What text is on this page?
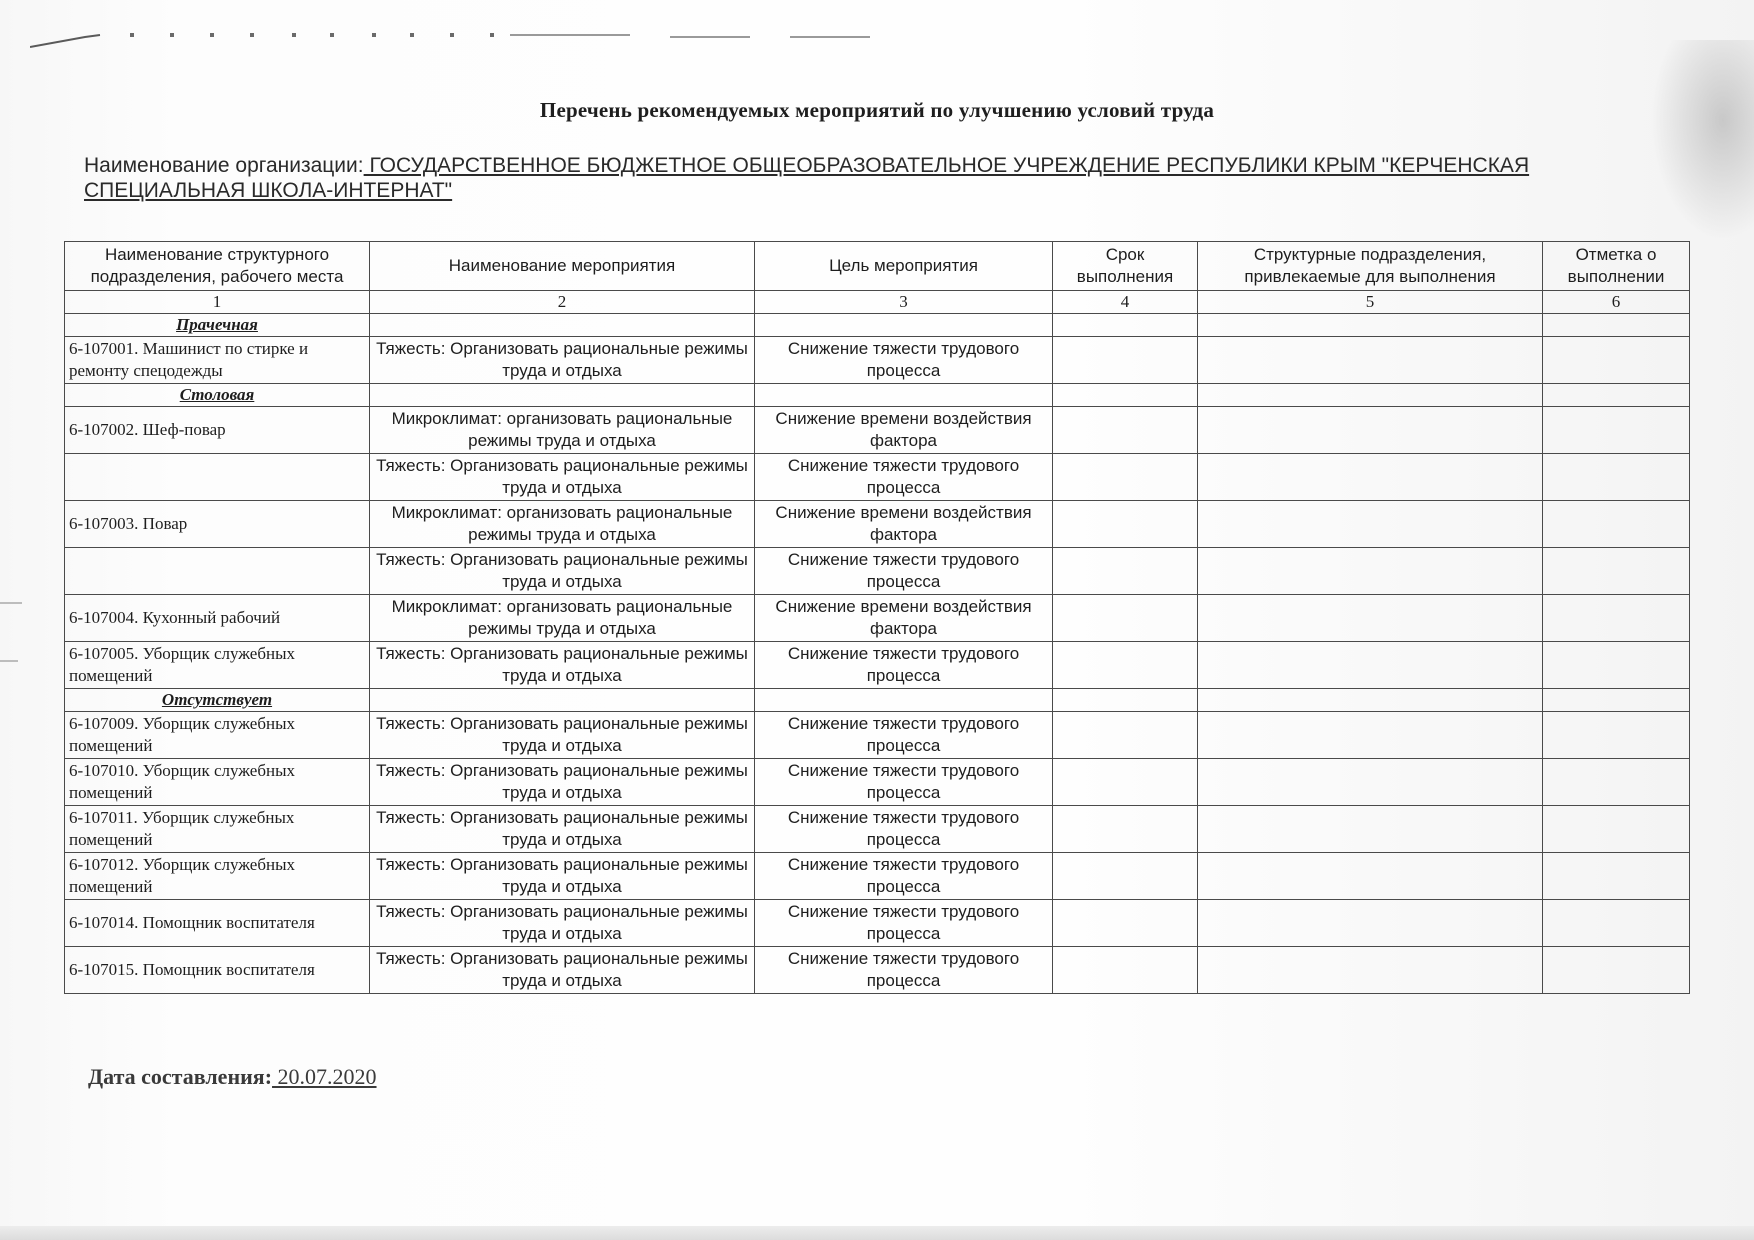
Перечень рекомендуемых мероприятий по улучшению условий труда
Наименование организации: ГОСУДАРСТВЕННОЕ БЮДЖЕТНОЕ ОБЩЕОБРАЗОВАТЕЛЬНОЕ УЧРЕЖДЕНИЕ РЕСПУБЛИКИ КРЫМ "КЕРЧЕНСКАЯ СПЕЦИАЛЬНАЯ ШКОЛА-ИНТЕРНАТ"
Наименование структурного подразделения, рабочего места	Наименование мероприятия	Цель мероприятия	Срок выполнения	Структурные подразделения, привлекаемые для выполнения	Отметка о выполнении
1	2	3	4	5	6
Прачечная					
6-107001. Машинист по стирке и ремонту спецодежды	Тяжесть: Организовать рациональные режимы труда и отдыха	Снижение тяжести трудового процесса			
Столовая					
6-107002. Шеф-повар	Микроклимат: организовать рациональные режимы труда и отдыха	Снижение времени воздействия фактора			
	Тяжесть: Организовать рациональные режимы труда и отдыха	Снижение тяжести трудового процесса			
6-107003. Повар	Микроклимат: организовать рациональные режимы труда и отдыха	Снижение времени воздействия фактора			
	Тяжесть: Организовать рациональные режимы труда и отдыха	Снижение тяжести трудового процесса			
6-107004. Кухонный рабочий	Микроклимат: организовать рациональные режимы труда и отдыха	Снижение времени воздействия фактора			
6-107005. Уборщик служебных помещений	Тяжесть: Организовать рациональные режимы труда и отдыха	Снижение тяжести трудового процесса			
Отсутствует					
6-107009. Уборщик служебных помещений	Тяжесть: Организовать рациональные режимы труда и отдыха	Снижение тяжести трудового процесса			
6-107010. Уборщик служебных помещений	Тяжесть: Организовать рациональные режимы труда и отдыха	Снижение тяжести трудового процесса			
6-107011. Уборщик служебных помещений	Тяжесть: Организовать рациональные режимы труда и отдыха	Снижение тяжести трудового процесса			
6-107012. Уборщик служебных помещений	Тяжесть: Организовать рациональные режимы труда и отдыха	Снижение тяжести трудового процесса			
6-107014. Помощник воспитателя	Тяжесть: Организовать рациональные режимы труда и отдыха	Снижение тяжести трудового процесса			
6-107015. Помощник воспитателя	Тяжесть: Организовать рациональные режимы труда и отдыха	Снижение тяжести трудового процесса			
Дата составления: 20.07.2020
